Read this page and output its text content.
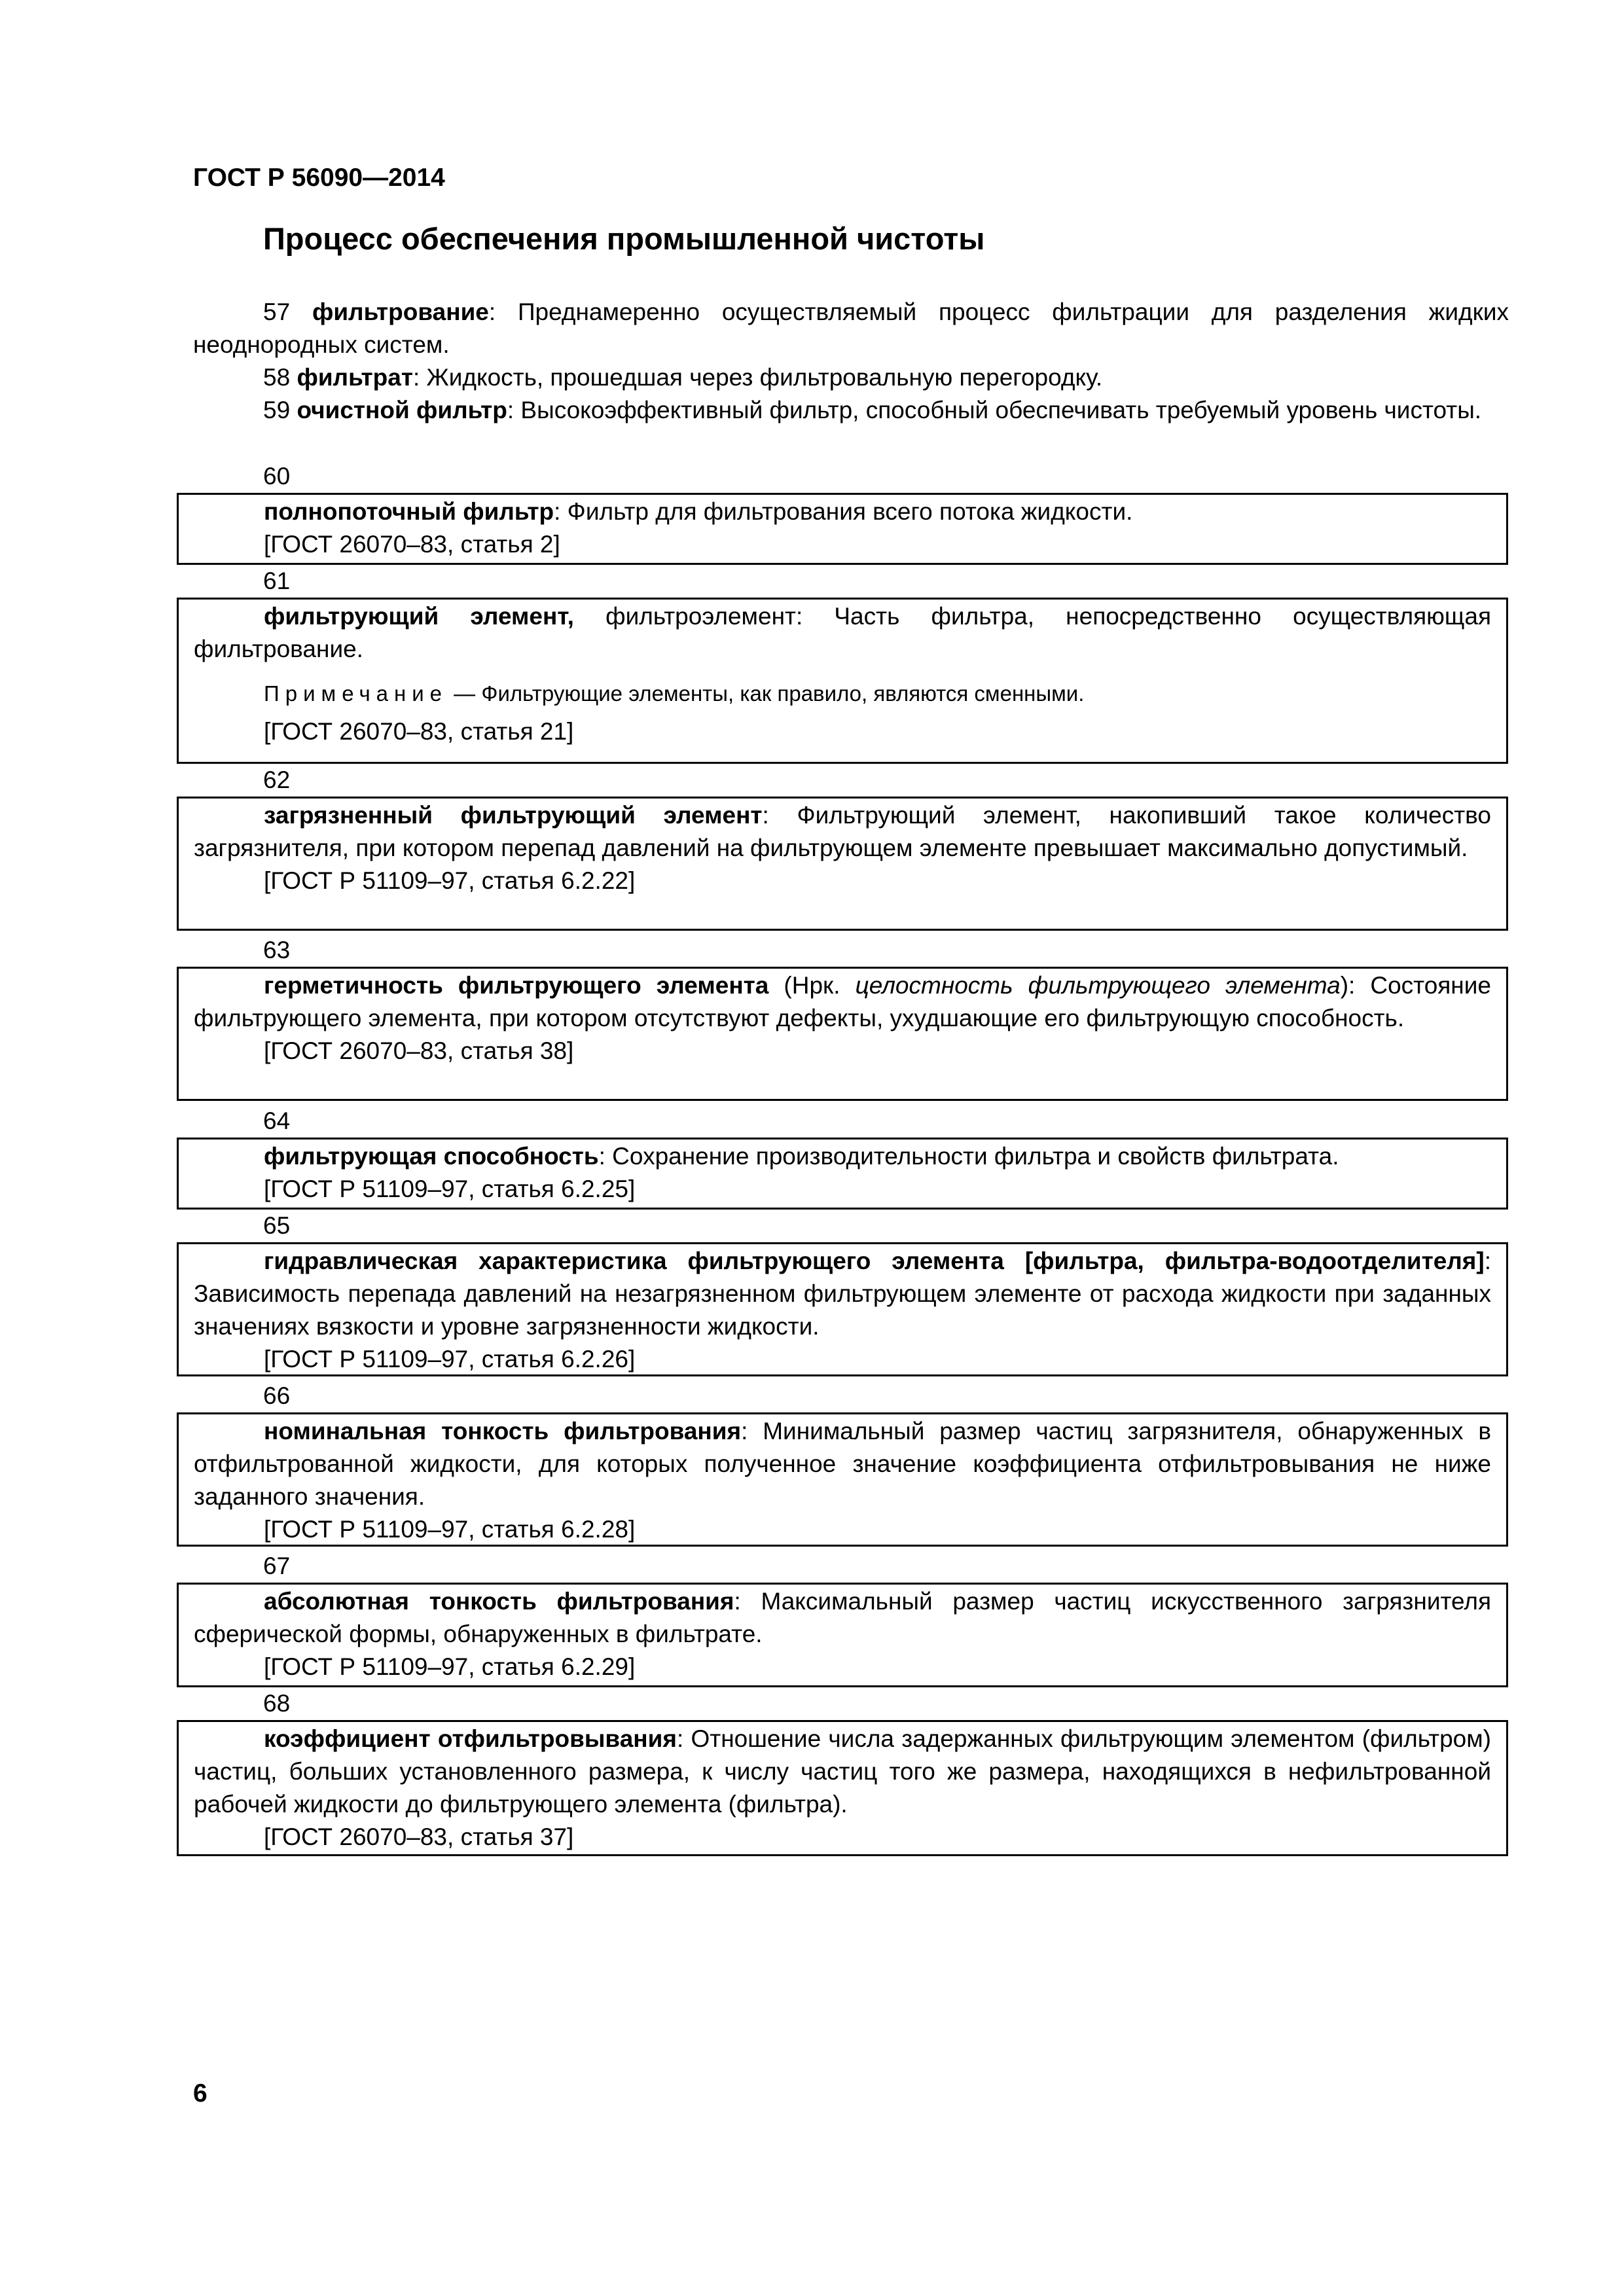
ГОСТ Р 56090—2014
Процесс обеспечения промышленной чистоты

57 фильтрование: Преднамеренно осуществляемый процесс фильтрации для разделения жидких неоднородных систем.

58 фильтрат: Жидкость, прошедшая через фильтровальную перегородку.

59 очистной фильтр: Высокоэффективный фильтр, способный обеспечивать требуемый уровень чистоты.

60

полнопоточный фильтр: Фильтр для фильтрования всего потока жидкости.

[ГОСТ 26070–83, статья 2]

61

фильтрующий элемент, фильтроэлемент: Часть фильтра, непосредственно осуществляющая фильтрование.

Примечание — Фильтрующие элементы, как правило, являются сменными.

[ГОСТ 26070–83, статья 21]

62

загрязненный фильтрующий элемент: Фильтрующий элемент, накопивший такое количество загрязнителя, при котором перепад давлений на фильтрующем элементе превышает максимально допустимый.

[ГОСТ Р 51109–97, статья 6.2.22]

63

герметичность фильтрующего элемента (Нрк. целостность фильтрующего элемента): Состояние фильтрующего элемента, при котором отсутствуют дефекты, ухудшающие его фильтрующую способность.

[ГОСТ 26070–83, статья 38]

64

фильтрующая способность: Сохранение производительности фильтра и свойств фильтрата.

[ГОСТ Р 51109–97, статья 6.2.25]

65

гидравлическая характеристика фильтрующего элемента [фильтра, фильтра-водоотделителя]: Зависимость перепада давлений на незагрязненном фильтрующем элементе от расхода жидкости при заданных значениях вязкости и уровне загрязненности жидкости.

[ГОСТ Р 51109–97, статья 6.2.26]

66

номинальная тонкость фильтрования: Минимальный размер частиц загрязнителя, обнаруженных в отфильтрованной жидкости, для которых полученное значение коэффициента отфильтровывания не ниже заданного значения.

[ГОСТ Р 51109–97, статья 6.2.28]

67

абсолютная тонкость фильтрования: Максимальный размер частиц искусственного загрязнителя сферической формы, обнаруженных в фильтрате.

[ГОСТ Р 51109–97, статья 6.2.29]

68

коэффициент отфильтровывания: Отношение числа задержанных фильтрующим элементом (фильтром) частиц, больших установленного размера, к числу частиц того же размера, находящихся в нефильтрованной рабочей жидкости до фильтрующего элемента (фильтра).

[ГОСТ 26070–83, статья 37]

6
